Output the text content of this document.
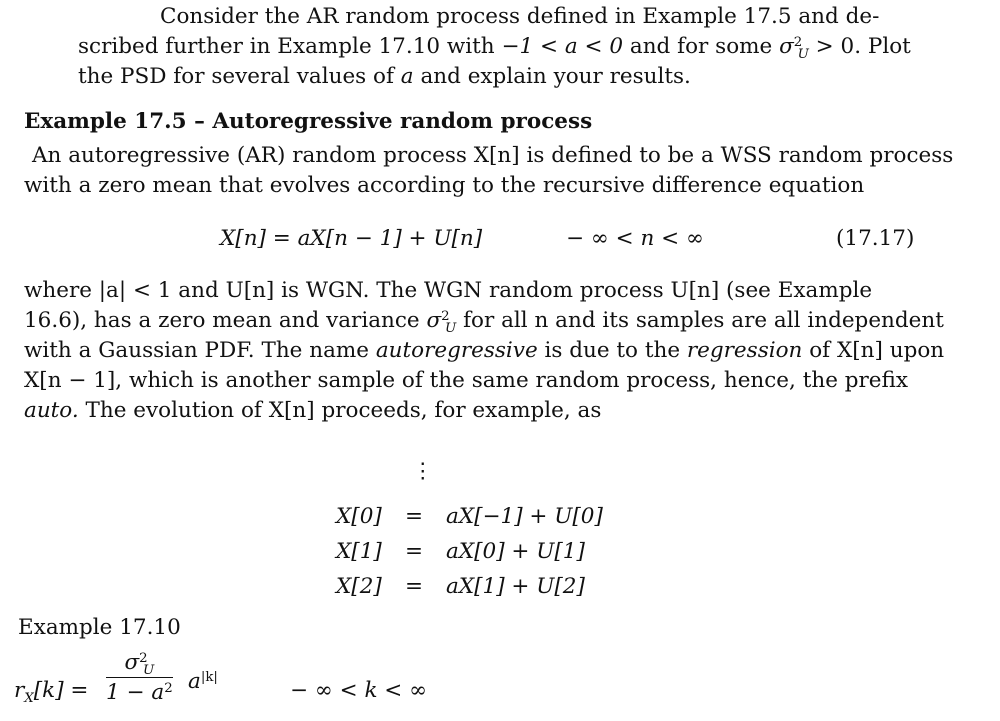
Consider the AR random process defined in Example 17.5 and de-
scribed further in Example 17.10 with −1 < a < 0 and for some $\sigma^2_U > 0$. Plot
the PSD for several values of a and explain your results.
Example 17.5 – Autoregressive random process
An autoregressive (AR) random process X[n] is defined to be a WSS random process
with a zero mean that evolves according to the recursive difference equation
X[n] = aX[n − 1] + U[n]	− ∞ < n < ∞	(17.17)
where |a| < 1 and U[n] is WGN. The WGN random process U[n] (see Example
16.6), has a zero mean and variance $\sigma^2_U$ for all n and its samples are all independent
with a Gaussian PDF. The name autoregressive is due to the regression of X[n] upon
X[n − 1], which is another sample of the same random process, hence, the prefix
auto. The evolution of X[n] proceeds, for example, as
⋮
X[0] = aX[−1] + U[0]
X[1] = aX[0] + U[1]
X[2] = aX[1] + U[2]
Example 17.10
$r_X[k] = \frac{\sigma^2_U}{1 - a^2} a^{|k|}$
− ∞ < k < ∞
